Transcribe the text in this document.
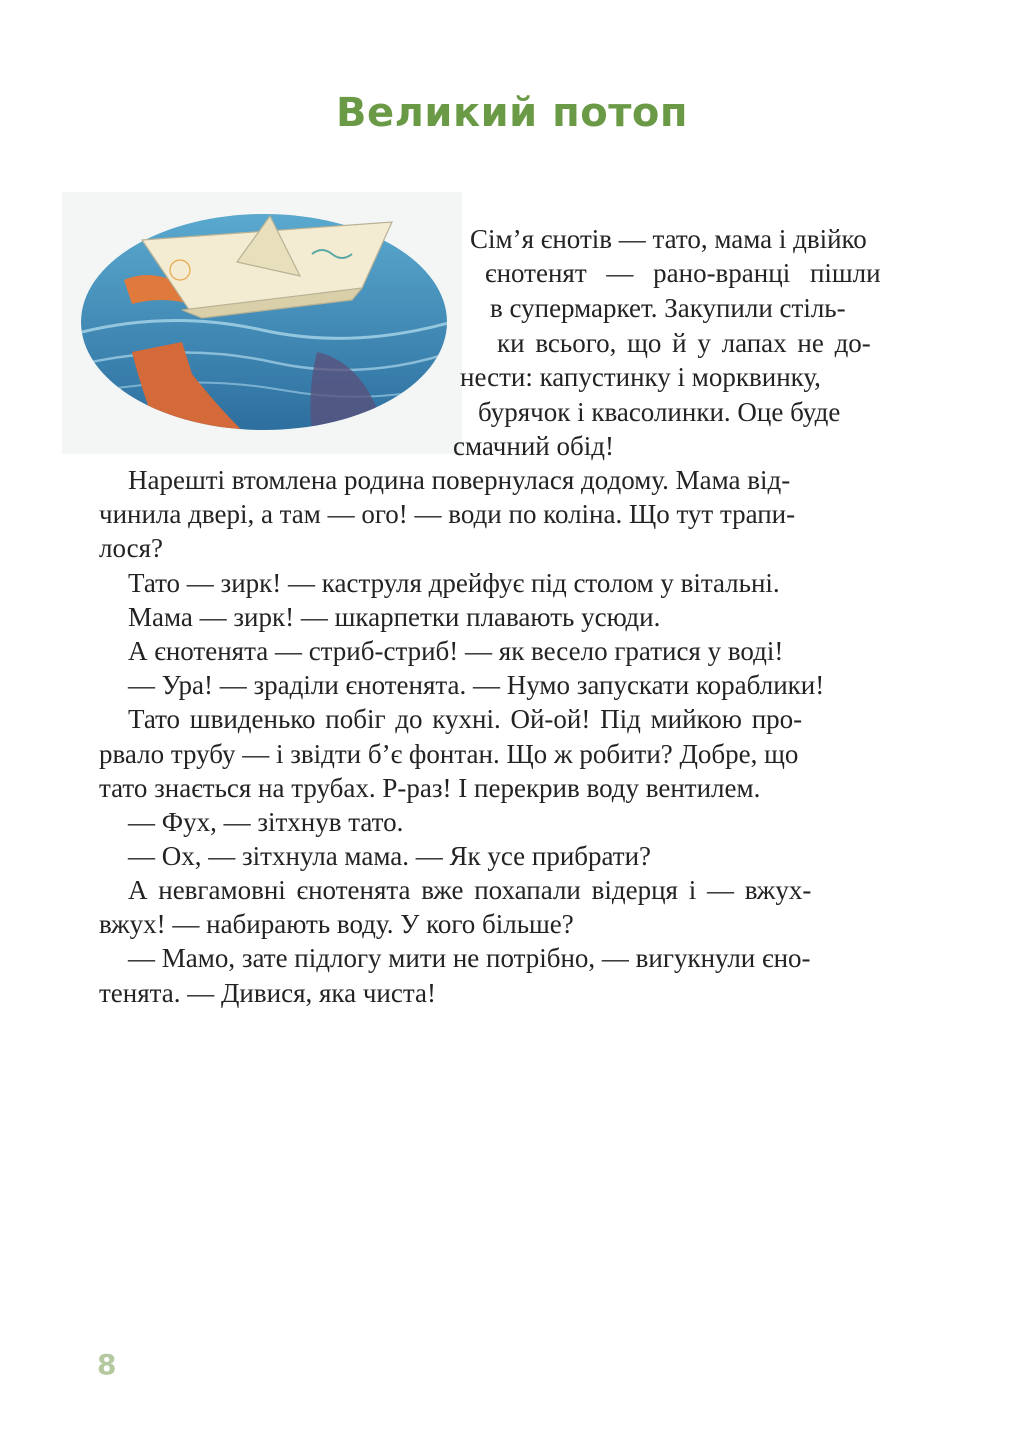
Великий потоп

Сім’я єнотів — тато, мама і двійко

єнотенят — рано-вранці пішли

в супермаркет. Закупили стіль-

ки всього, що й у лапах не до-

нести: капустинку і морквинку,

бурячок і квасолинки. Оце буде

смачний обід!

Нарешті втомлена родина повернулася додому. Мама від-

чинила двері, а там — ого! — води по коліна. Що тут трапи-

лося?

Тато — зирк! — каструля дрейфує під столом у вітальні.

Мама — зирк! — шкарпетки плавають усюди.

А єнотенята — стриб-стриб! — як весело гратися у воді!

— Ура! — зраділи єнотенята. — Нумо запускати кораблики!

Тато швиденько побіг до кухні. Ой-ой! Під мийкою про-

рвало трубу — і звідти б’є фонтан. Що ж робити? Добре, що

тато знається на трубах. Р-раз! І перекрив воду вентилем.

— Фух, — зітхнув тато.

— Ох, — зітхнула мама. — Як усе прибрати?

А невгамовні єнотенята вже похапали відерця і — вжух-

вжух! — набирають воду. У кого більше?

— Мамо, зате підлогу мити не потрібно, — вигукнули єно-

тенята. — Дивися, яка чиста!

8
